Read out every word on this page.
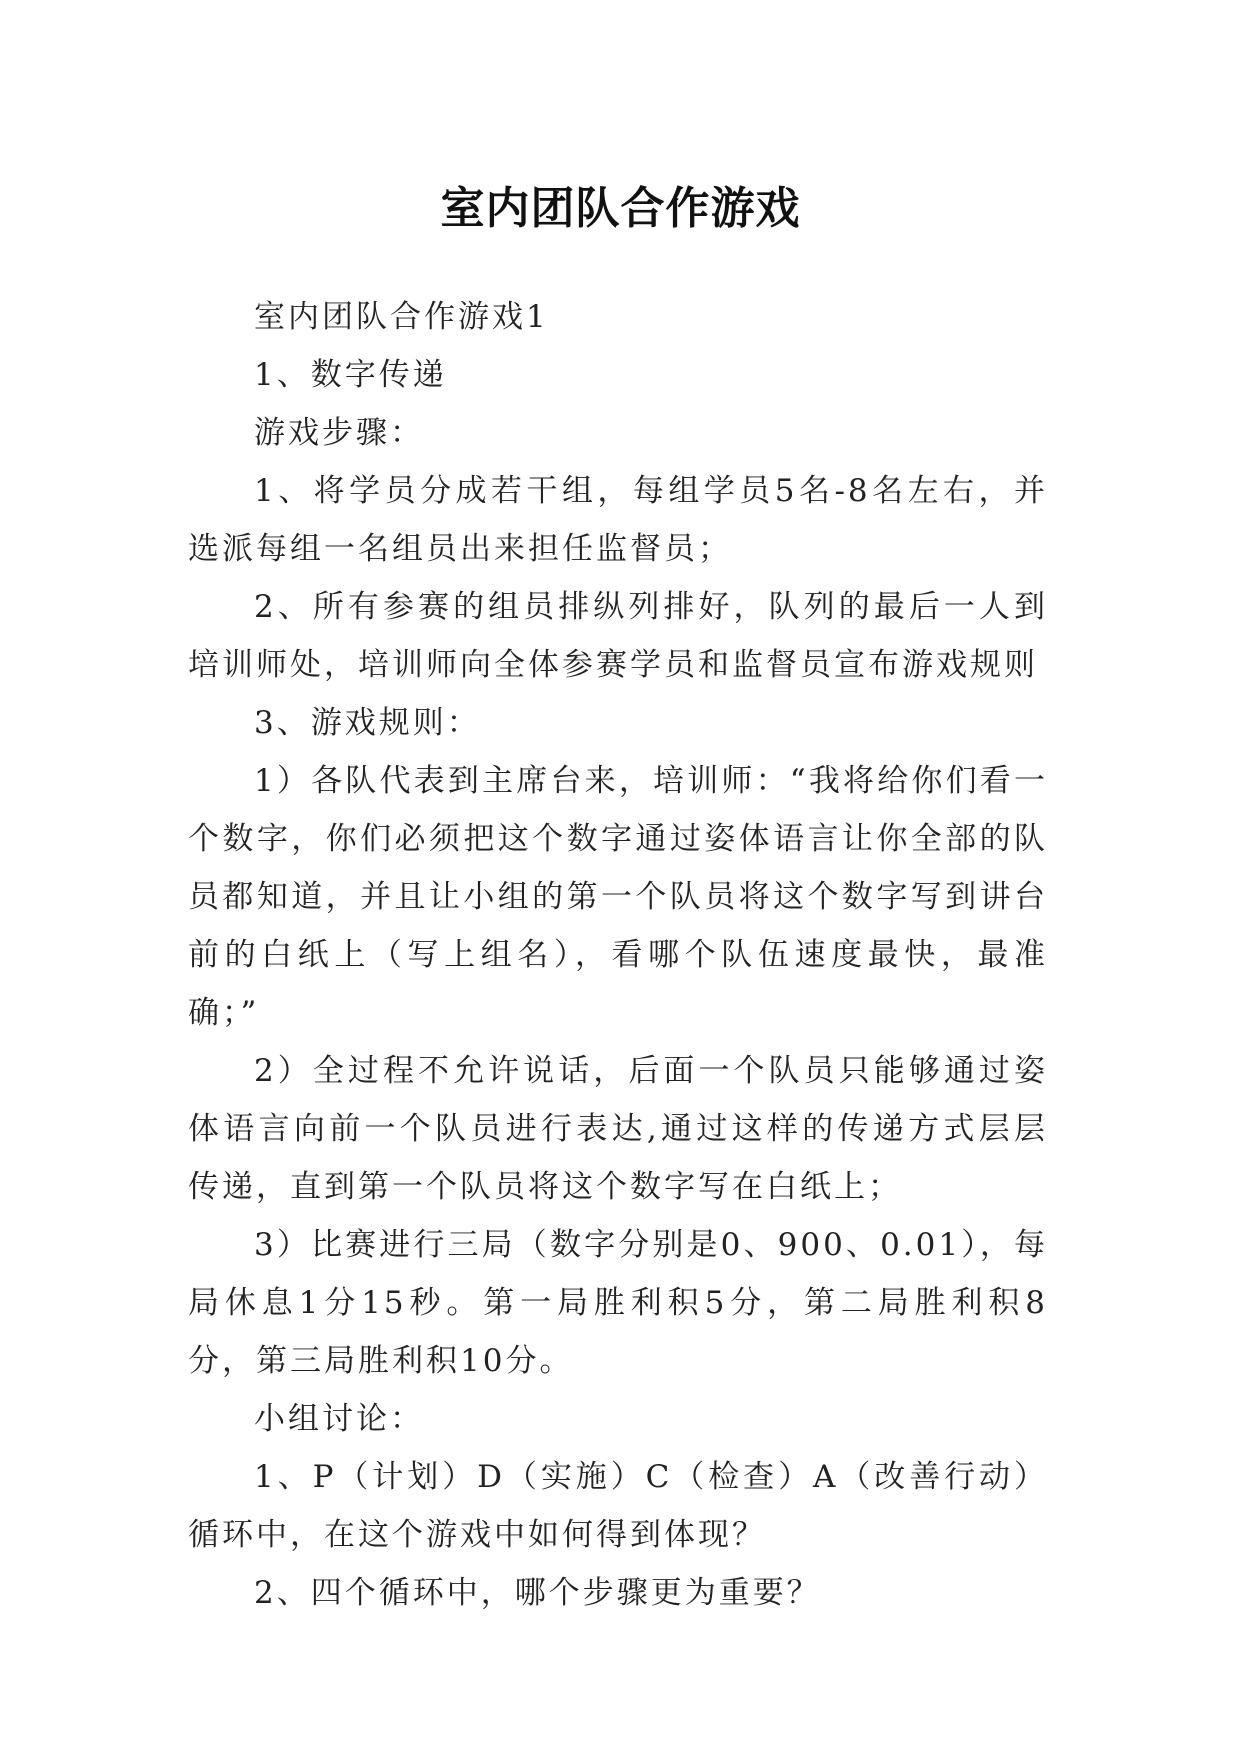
室内团队合作游戏

室内团队合作游戏1

1、数字传递

游戏步骤：

1、将学员分成若干组，每组学员5名-8名左右，并选派每组一名组员出来担任监督员；

2、所有参赛的组员排纵列排好，队列的最后一人到培训师处，培训师向全体参赛学员和监督员宣布游戏规则

3、游戏规则：

1）各队代表到主席台来，培训师：“我将给你们看一个数字，你们必须把这个数字通过姿体语言让你全部的队员都知道，并且让小组的第一个队员将这个数字写到讲台前的白纸上（写上组名），看哪个队伍速度最快，最准确；”

2）全过程不允许说话，后面一个队员只能够通过姿体语言向前一个队员进行表达,通过这样的传递方式层层传递，直到第一个队员将这个数字写在白纸上；

3）比赛进行三局（数字分别是0、900、0.01），每局休息1分15秒。第一局胜利积5分，第二局胜利积8分，第三局胜利积10分。

小组讨论：

1、P（计划）D（实施）C（检查）A（改善行动）循环中，在这个游戏中如何得到体现？

2、四个循环中，哪个步骤更为重要？
